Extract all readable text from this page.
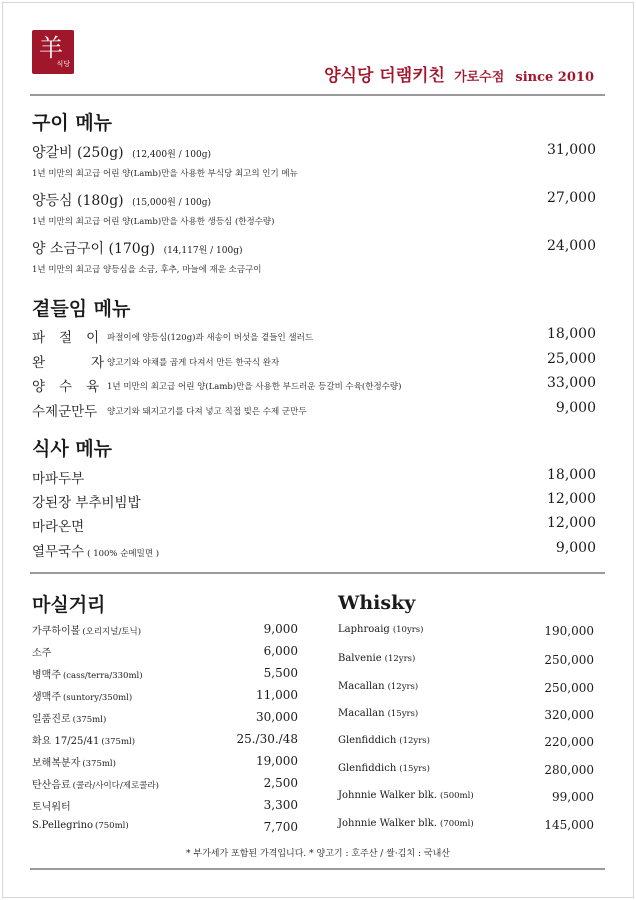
羊
식당
양식당 더램키친 가로수점 since 2010
구이 메뉴
양갈비 (250g) (12,400원 / 100g)	31,000
1년 미만의 최고급 어린 양(Lamb)만을 사용한 부식당 최고의 인기 메뉴
양등심 (180g) (15,000원 / 100g)	27,000
1년 미만의 최고급 어린 양(Lamb)만을 사용한 생등심 (한정수량)
양 소금구이 (170g) (14,117원 / 100g)	24,000
1년 미만의 최고급 양등심을 소금, 후추, 마늘에 재운 소금구이
곁들임 메뉴
파절이
파절이에 양등심(120g)과 새송이 버섯을 곁들인 샐러드	18,000
완자
양고기와 야채를 곱게 다져서 만든 한국식 완자	25,000
양수육
1년 미만의 최고급 어린 양(Lamb)만을 사용한 부드러운 등갈비 수육(한정수량)	33,000
수제군만두 양고기와 돼지고기를 다져 넣고 직접 빚은 수제 군만두	9,000
식사 메뉴
마파두부	18,000
강된장 부추비빔밥	12,000
마라온면	12,000
열무국수 ( 100% 순메밀면 )	9,000
마실거리
가쿠하이볼 (오리지널/토닉)	9,000
소주	6,000
병맥주 (cass/terra/330ml)	5,500
생맥주 (suntory/350ml)	11,000
일품진로 (375ml)	30,000
화요 17/25/41 (375ml)	25./30./48
보해복분자 (375ml)	19,000
탄산음료 (콜라/사이다/제로콜라)	2,500
토닉워터	3,300
S.Pellegrino (750ml)	7,700
Whisky
Laphroaig (10yrs)	190,000
Balvenie (12yrs)	250,000
Macallan (12yrs)	250,000
Macallan (15yrs)	320,000
Glenfiddich (12yrs)	220,000
Glenfiddich (15yrs)	280,000
Johnnie Walker blk. (500ml)	99,000
Johnnie Walker blk. (700ml)	145,000
* 부가세가 포함된 가격입니다. * 양고기 : 호주산 / 쌀·김치 : 국내산
